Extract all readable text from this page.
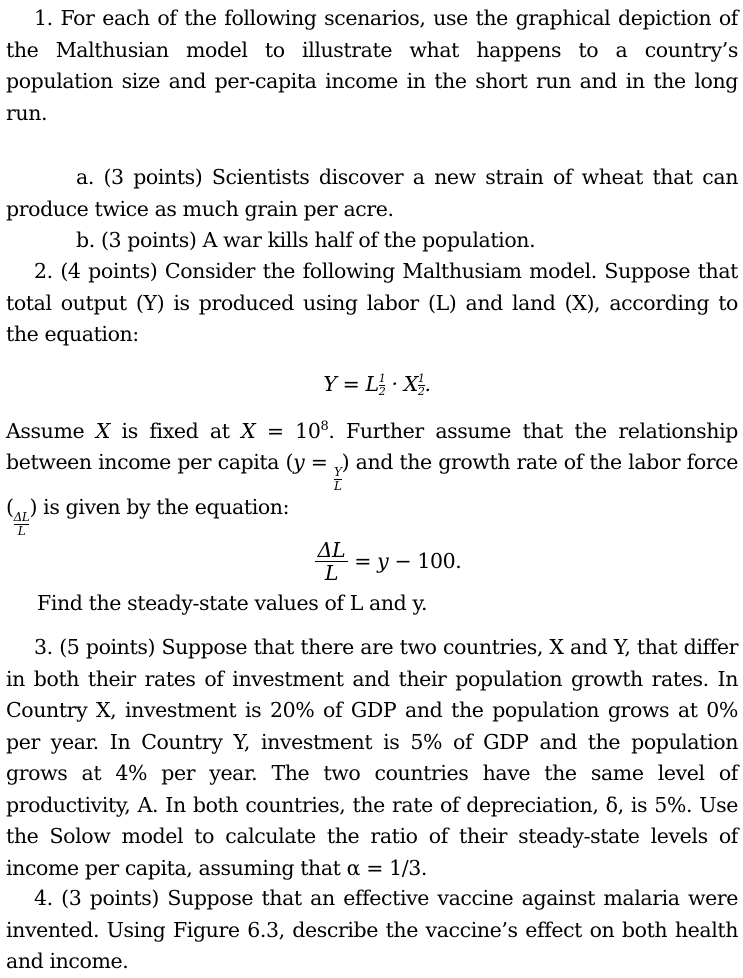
1. For each of the following scenarios, use the graphical depiction of the Malthusian model to illustrate what happens to a country’s population size and per-capita income in the short run and in the long run.

a. (3 points) Scientists discover a new strain of wheat that can produce twice as much grain per acre.

b. (3 points) A war kills half of the population.

2. (4 points) Consider the following Malthusiam model. Suppose that total output (Y) is produced using labor (L) and land (X), according to the equation:

Y = L $\frac{1}{2} \cdot X \frac{1}{2}$ .

Assume X is fixed at $X = 10^8$. Further assume that the relationship between income per capita (y =
$\frac{Y}{L}$
) and the growth rate of the labor force (
$\frac{\Delta L}{L}$
) is given by the equation:

$\frac{\Delta L}{L} = y - 100$.

Find the steady-state values of L and y.

3. (5 points) Suppose that there are two countries, X and Y, that differ in both their rates of investment and their population growth rates. In Country X, investment is 20% of GDP and the population grows at 0% per year. In Country Y, investment is 5% of GDP and the population grows at 4% per year. The two countries have the same level of productivity, A. In both countries, the rate of depreciation, δ, is 5%. Use the Solow model to calculate the ratio of their steady-state levels of income per capita, assuming that α = 1/3.

4. (3 points) Suppose that an effective vaccine against malaria were invented. Using Figure 6.3, describe the vaccine’s effect on both health and income.
